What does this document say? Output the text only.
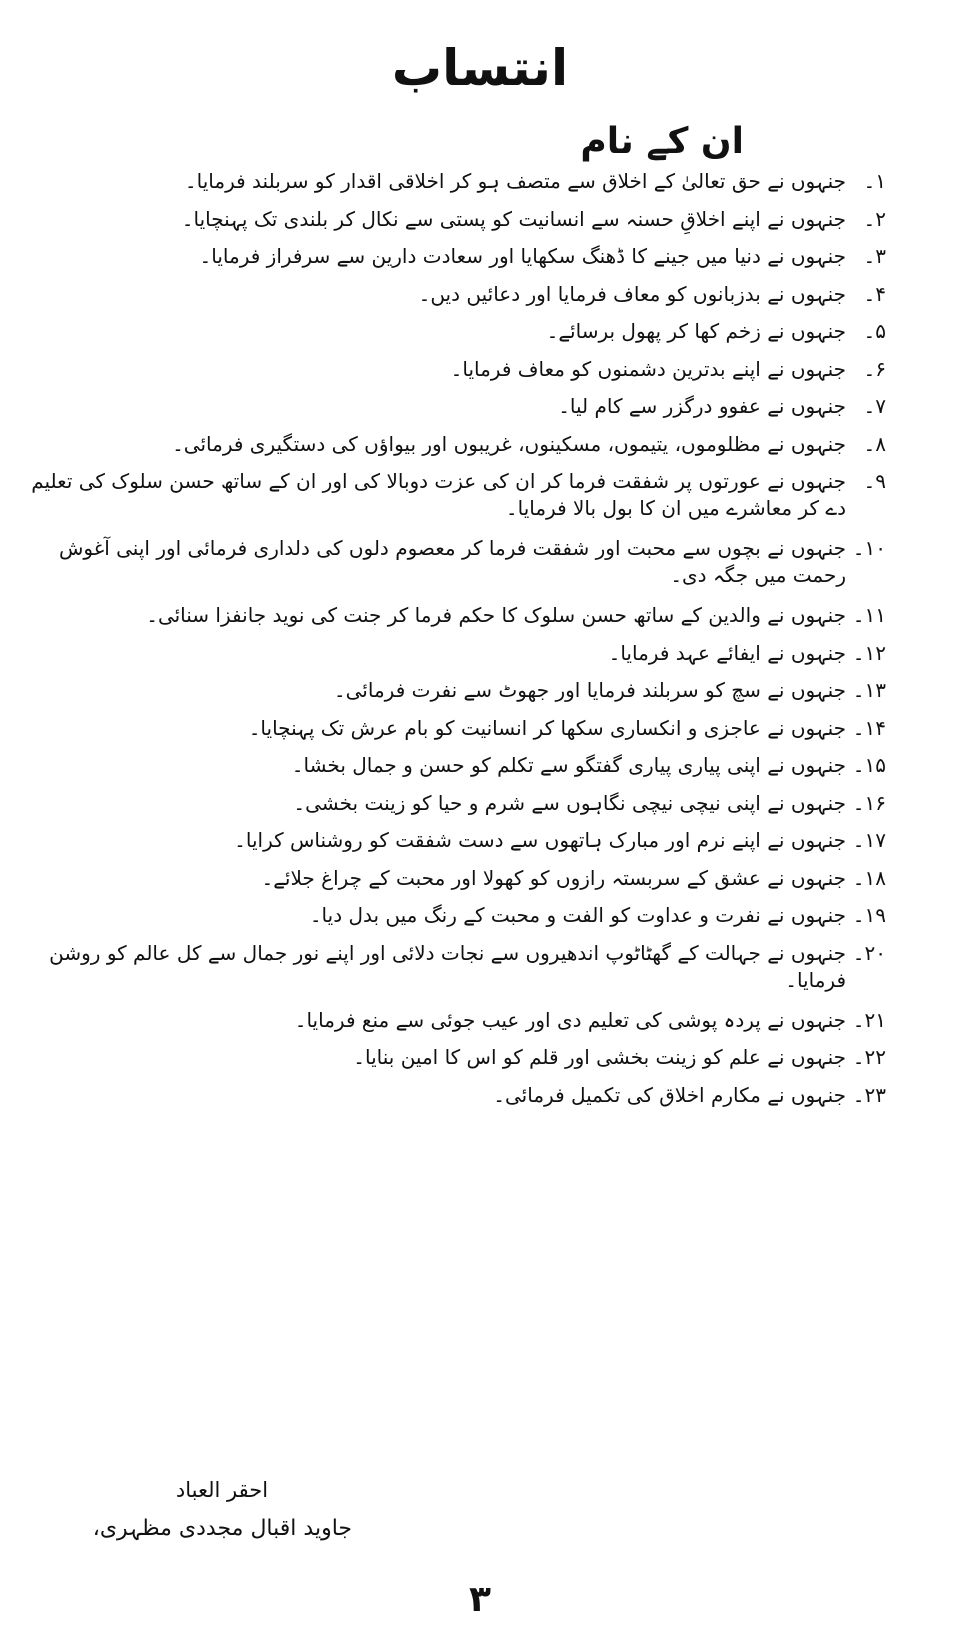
انتساب
ان کے نام
۱۔
جنہوں نے حق تعالیٰ کے اخلاق سے متصف ہو کر اخلاقی اقدار کو سربلند فرمایا۔
۲۔
جنہوں نے اپنے اخلاقِ حسنہ سے انسانیت کو پستی سے نکال کر بلندی تک پہنچایا۔
۳۔
جنہوں نے دنیا میں جینے کا ڈھنگ سکھایا اور سعادت دارین سے سرفراز فرمایا۔
۴۔
جنہوں نے بدزبانوں کو معاف فرمایا اور دعائیں دیں۔
۵۔
جنہوں نے زخم کھا کر پھول برسائے۔
۶۔
جنہوں نے اپنے بدترین دشمنوں کو معاف فرمایا۔
۷۔
جنہوں نے عفوو درگزر سے کام لیا۔
۸۔
جنہوں نے مظلوموں، یتیموں، مسکینوں، غریبوں اور بیواؤں کی دستگیری فرمائی۔
۹۔
جنہوں نے عورتوں پر شفقت فرما کر ان کی عزت دوبالا کی اور ان کے ساتھ حسن سلوک کی تعلیم دے کر معاشرے میں ان کا بول بالا فرمایا۔
۱۰۔
جنہوں نے بچوں سے محبت اور شفقت فرما کر معصوم دلوں کی دلداری فرمائی اور اپنی آغوش رحمت میں جگہ دی۔
۱۱۔
جنہوں نے والدین کے ساتھ حسن سلوک کا حکم فرما کر جنت کی نوید جانفزا سنائی۔
۱۲۔
جنہوں نے ایفائے عہد فرمایا۔
۱۳۔
جنہوں نے سچ کو سربلند فرمایا اور جھوٹ سے نفرت فرمائی۔
۱۴۔
جنہوں نے عاجزی و انکساری سکھا کر انسانیت کو بام عرش تک پہنچایا۔
۱۵۔
جنہوں نے اپنی پیاری پیاری گفتگو سے تکلم کو حسن و جمال بخشا۔
۱۶۔
جنہوں نے اپنی نیچی نیچی نگاہوں سے شرم و حیا کو زینت بخشی۔
۱۷۔
جنہوں نے اپنے نرم اور مبارک ہاتھوں سے دست شفقت کو روشناس کرایا۔
۱۸۔
جنہوں نے عشق کے سربستہ رازوں کو کھولا اور محبت کے چراغ جلائے۔
۱۹۔
جنہوں نے نفرت و عداوت کو الفت و محبت کے رنگ میں بدل دیا۔
۲۰۔
جنہوں نے جہالت کے گھٹاٹوپ اندھیروں سے نجات دلائی اور اپنے نور جمال سے کل عالم کو روشن فرمایا۔
۲۱۔
جنہوں نے پردہ پوشی کی تعلیم دی اور عیب جوئی سے منع فرمایا۔
۲۲۔
جنہوں نے علم کو زینت بخشی اور قلم کو اس کا امین بنایا۔
۲۳۔
جنہوں نے مکارم اخلاق کی تکمیل فرمائی۔
احقر العباد
جاوید اقبال مجددی مظہری،
۳
